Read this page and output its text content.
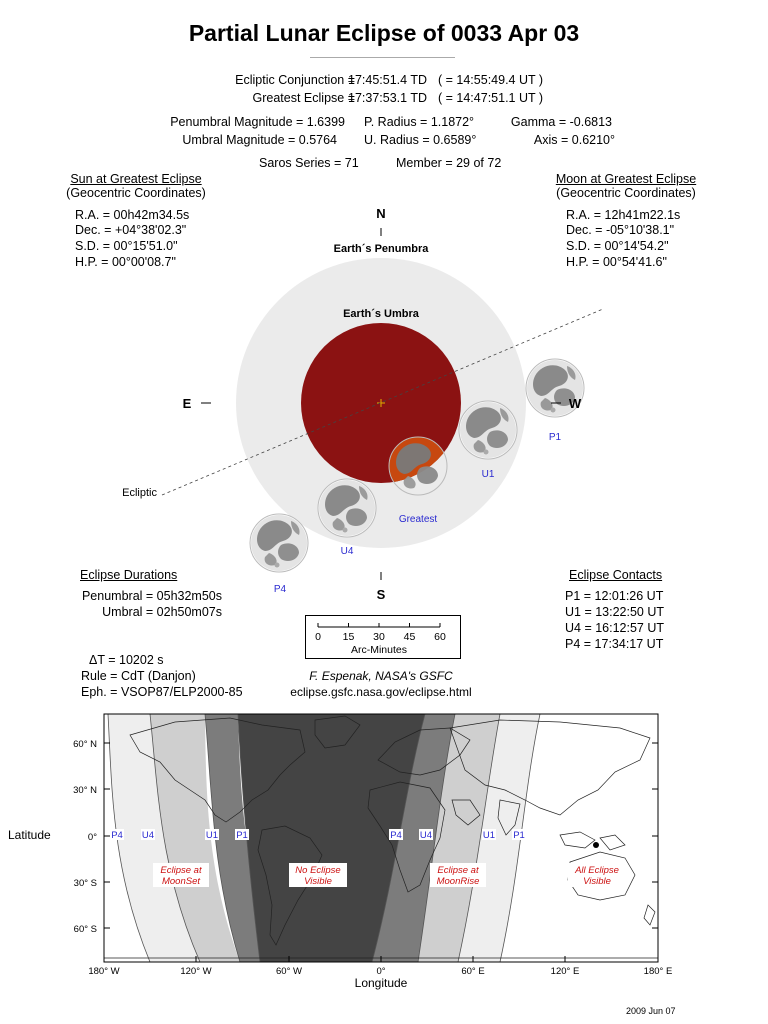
Partial Lunar Eclipse of 0033 Apr 03
Ecliptic Conjunction =
17:45:51.4 TD ( = 14:55:49.4 UT )
Greatest Eclipse =
17:37:53.1 TD ( = 14:47:51.1 UT )
Penumbral Magnitude = 1.6399
Umbral Magnitude = 0.5764
P. Radius = 1.1872°
U. Radius = 0.6589°
Gamma = -0.6813
Axis = 0.6210°
Saros Series = 71	Member = 29 of 72
Sun at Greatest Eclipse
(Geocentric Coordinates)
R.A. = 00h42m34.5s
Dec. = +04°38'02.3"
S.D. = 00°15'51.0"
H.P. = 00°00'08.7"
Moon at Greatest Eclipse
(Geocentric Coordinates)
R.A. = 12h41m22.1s
Dec. = -05°10'38.1"
S.D. = 00°14'54.2"
H.P. = 00°54'41.6"
N
S
E	W
Earth´s Penumbra
Earth´s Umbra
Ecliptic
P1
U1
Greatest
U4
P4
Eclipse Durations
Penumbral = 05h32m50s
Umbral = 02h50m07s
Eclipse Contacts
P1 = 12:01:26 UT
U1 = 13:22:50 UT
U4 = 16:12:57 UT
P4 = 17:34:17 UT
0 15 30 45 60
Arc-Minutes
ΔT = 10202 s
Rule = CdT (Danjon)
Eph. = VSOP87/ELP2000-85
F. Espenak, NASA's GSFC
eclipse.gsfc.nasa.gov/eclipse.html
Latitude
Longitude
60° N
30° N
0°
30° S
60° S
180° W	120° W	60° W	0°	60° E	120° E	180° E
P4 U4	U1 P1	P4 U4	U1 P1
Eclipse at
MoonSet
No Eclipse
Visible
Eclipse at
MoonRise
All Eclipse
Visible
2009 Jun 07
